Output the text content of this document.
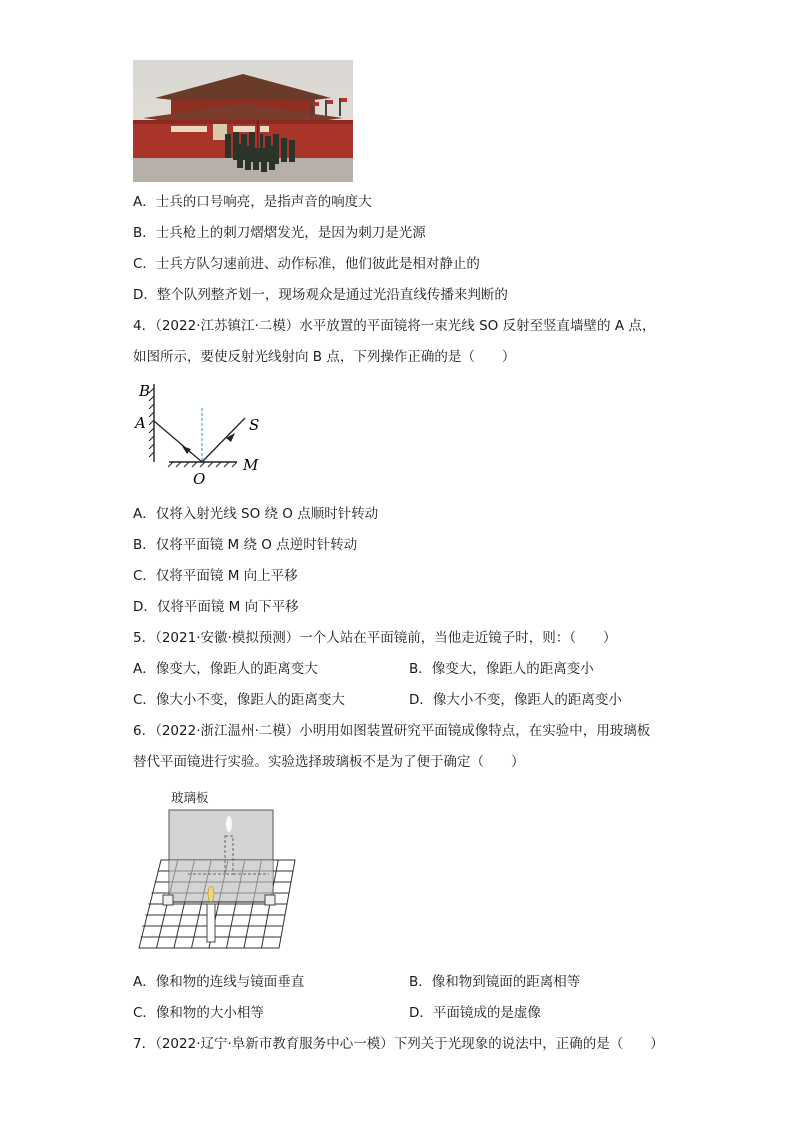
A．士兵的口号响亮，是指声音的响度大
B．士兵枪上的刺刀熠熠发光，是因为刺刀是光源
C．士兵方队匀速前进、动作标准，他们彼此是相对静止的
D．整个队列整齐划一，现场观众是通过光沿直线传播来判断的
4．（2022·江苏镇江·二模）水平放置的平面镜将一束光线 SO 反射至竖直墙壁的 A 点，
如图所示，要使反射光线射向 B 点，下列操作正确的是（　　）
B
A	S
M
O
A．仅将入射光线 SO 绕 O 点顺时针转动
B．仅将平面镜 M 绕 O 点逆时针转动
C．仅将平面镜 M 向上平移
D．仅将平面镜 M 向下平移
5．（2021·安徽·模拟预测）一个人站在平面镜前，当他走近镜子时，则：（　　）
A．像变大，像距人的距离变大	B．像变大，像距人的距离变小
C．像大小不变，像距人的距离变大	D．像大小不变，像距人的距离变小
6．（2022·浙江温州·二模）小明用如图装置研究平面镜成像特点，在实验中，用玻璃板
替代平面镜进行实验。实验选择玻璃板不是为了便于确定（　　）
玻璃板
A．像和物的连线与镜面垂直	B．像和物到镜面的距离相等
C．像和物的大小相等	D．平面镜成的是虚像
7．（2022·辽宁·阜新市教育服务中心一模）下列关于光现象的说法中，正确的是（　　）
